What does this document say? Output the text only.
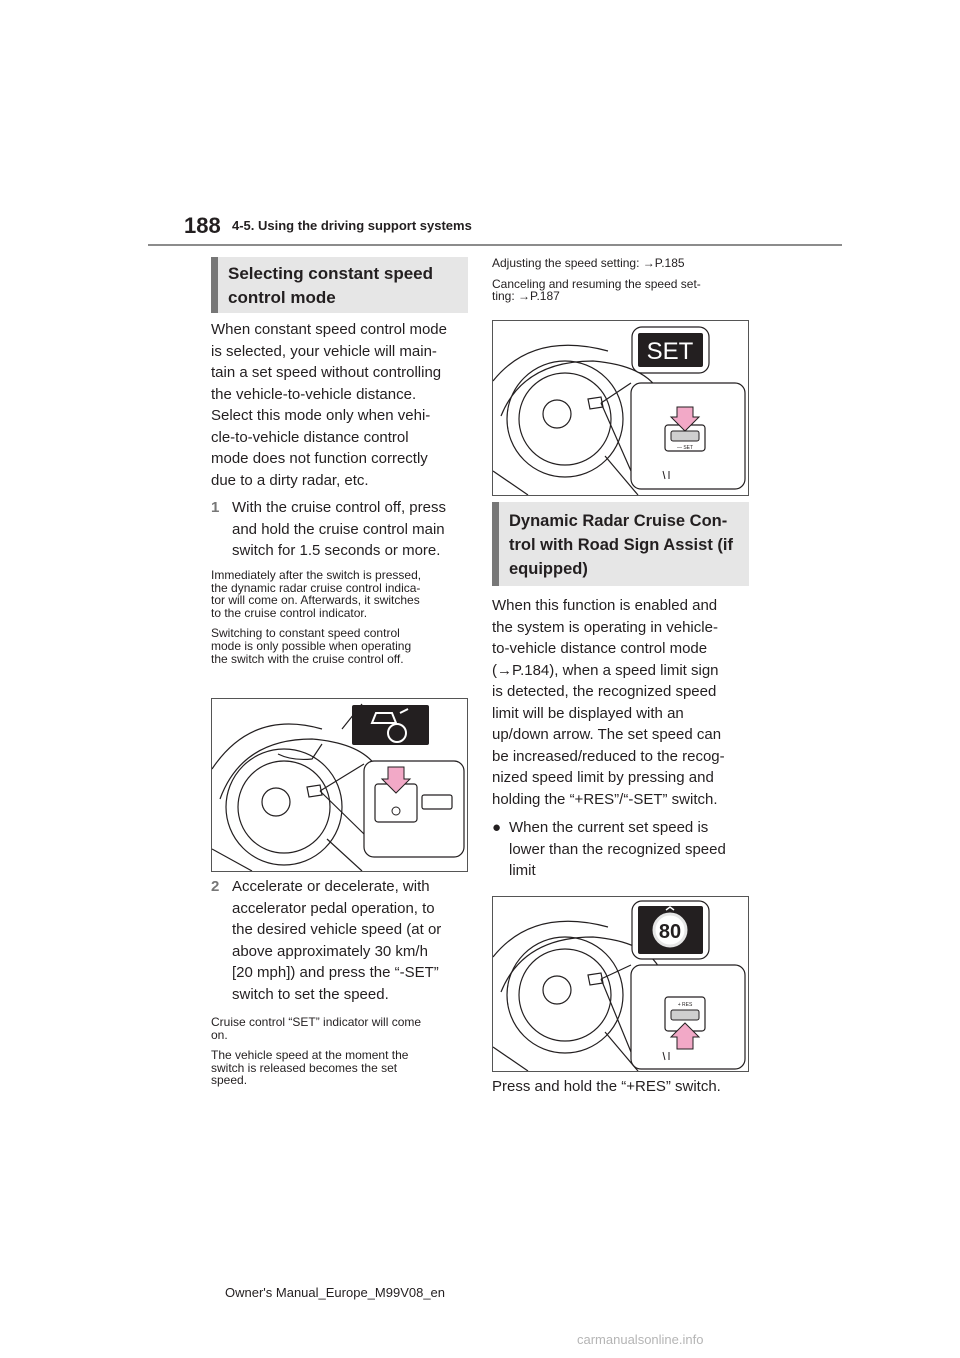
188 4-5. Using the driving support systems
Selecting constant speed control mode
When constant speed control mode
is selected, your vehicle will main-
tain a set speed without controlling
the vehicle-to-vehicle distance.
Select this mode only when vehi-
cle-to-vehicle distance control
mode does not function correctly
due to a dirty radar, etc.
1 With the cruise control off, press
and hold the cruise control main
switch for 1.5 seconds or more.

Immediately after the switch is pressed,
the dynamic radar cruise control indica-
tor will come on. Afterwards, it switches
to the cruise control indicator.

Switching to constant speed control
mode is only possible when operating
the switch with the cruise control off.

2 Accelerate or decelerate, with
accelerator pedal operation, to
the desired vehicle speed (at or
above approximately 30 km/h
[20 mph]) and press the “-SET”
switch to set the speed.

Cruise control “SET” indicator will come
on.

The vehicle speed at the moment the
switch is released becomes the set
speed.

Adjusting the speed setting: →P.185

Canceling and resuming the speed set-
ting: →P.187

SET
— SET
Dynamic Radar Cruise Con- trol with Road Sign Assist (if equipped)
When this function is enabled and
the system is operating in vehicle-
to-vehicle distance control mode
(→P.184), when a speed limit sign
is detected, the recognized speed
limit will be displayed with an
up/down arrow. The set speed can
be increased/reduced to the recog-
nized speed limit by pressing and
holding the “+RES”/“-SET” switch.
● When the current set speed is
lower than the recognized speed
limit
80
+ RES
Press and hold the “+RES” switch.
Owner's Manual_Europe_M99V08_en
carmanualsonline.info
